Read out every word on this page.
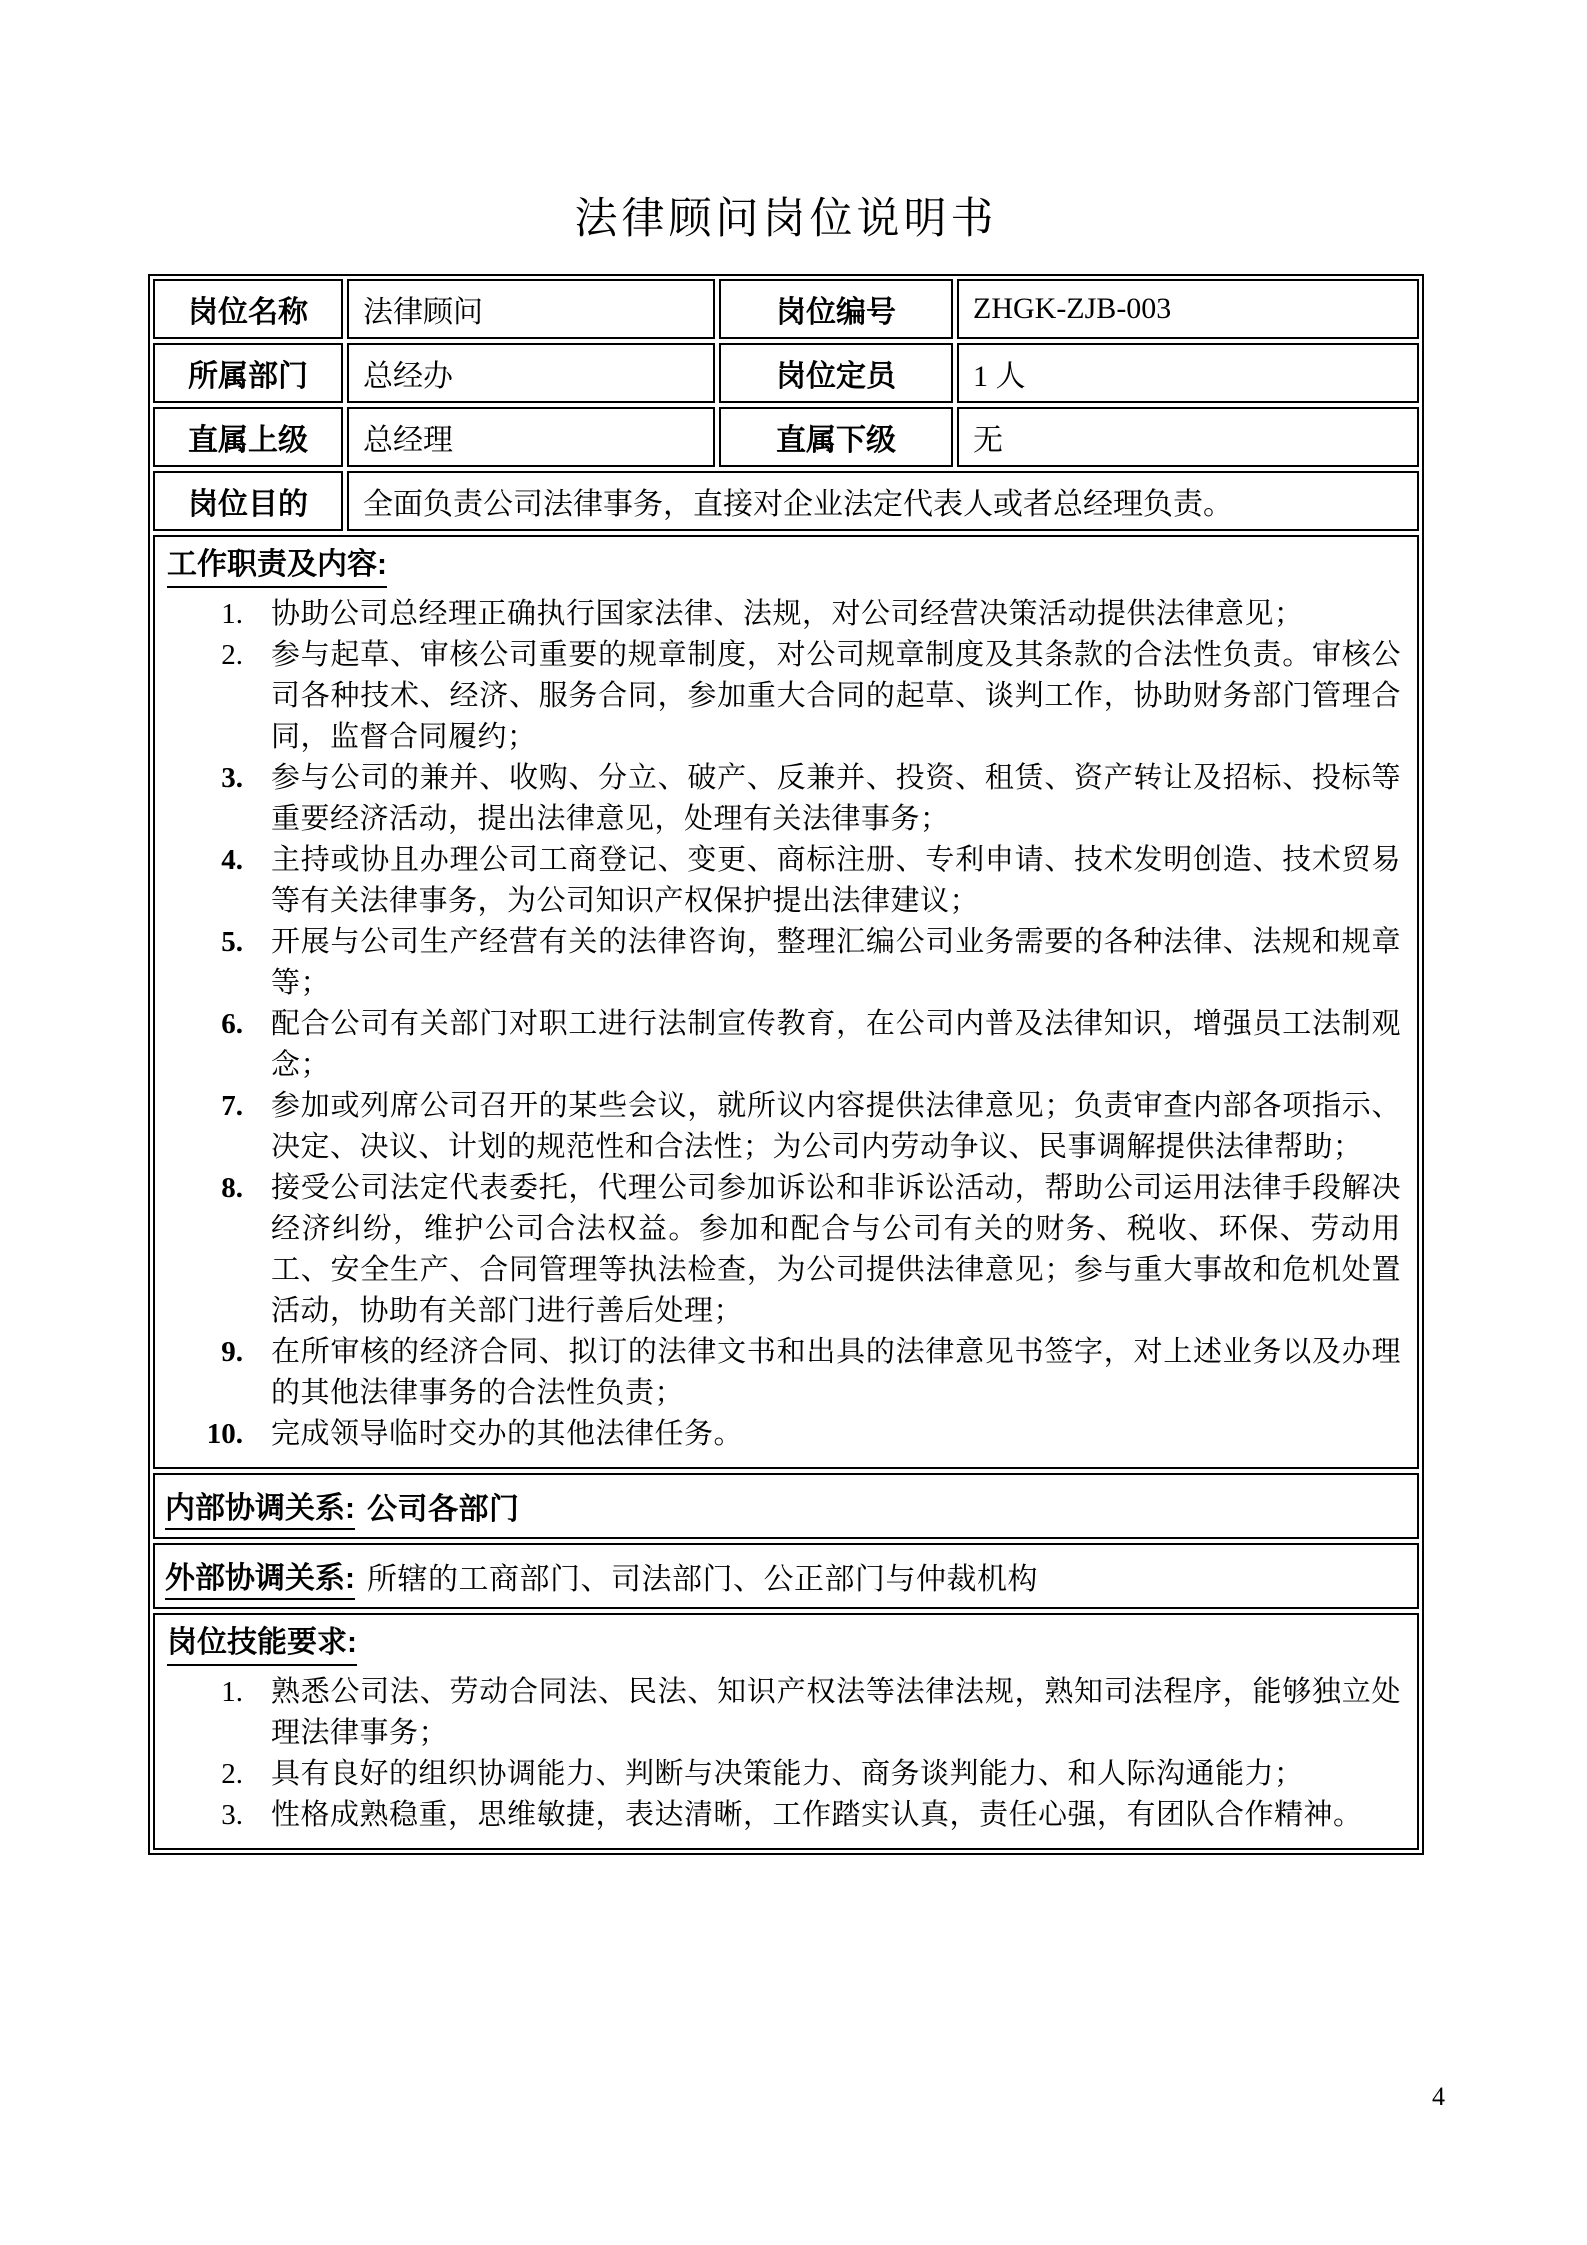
法律顾问岗位说明书
岗位名称	法律顾问	岗位编号	ZHGK-ZJB-003
所属部门	总经办	岗位定员	1 人
直属上级	总经理	直属下级	无
岗位目的	全面负责公司法律事务，直接对企业法定代表人或者总经理负责。
工作职责及内容:
1. 协助公司总经理正确执行国家法律、法规，对公司经营决策活动提供法律意见；
2. 参与起草、审核公司重要的规章制度，对公司规章制度及其条款的合法性负责。审核公司各种技术、经济、服务合同，参加重大合同的起草、谈判工作，协助财务部门管理合同，监督合同履约；
3. 参与公司的兼并、收购、分立、破产、反兼并、投资、租赁、资产转让及招标、投标等重要经济活动，提出法律意见，处理有关法律事务；
4. 主持或协且办理公司工商登记、变更、商标注册、专利申请、技术发明创造、技术贸易等有关法律事务，为公司知识产权保护提出法律建议；
5. 开展与公司生产经营有关的法律咨询，整理汇编公司业务需要的各种法律、法规和规章等；
6. 配合公司有关部门对职工进行法制宣传教育，在公司内普及法律知识，增强员工法制观念；
7. 参加或列席公司召开的某些会议，就所议内容提供法律意见；负责审查内部各项指示、决定、决议、计划的规范性和合法性；为公司内劳动争议、民事调解提供法律帮助；
8. 接受公司法定代表委托，代理公司参加诉讼和非诉讼活动，帮助公司运用法律手段解决经济纠纷，维护公司合法权益。参加和配合与公司有关的财务、税收、环保、劳动用工、安全生产、合同管理等执法检查，为公司提供法律意见；参与重大事故和危机处置活动，协助有关部门进行善后处理；
9. 在所审核的经济合同、拟订的法律文书和出具的法律意见书签字，对上述业务以及办理的其他法律事务的合法性负责；
10. 完成领导临时交办的其他法律任务。
内部协调关系: 公司各部门
外部协调关系: 所辖的工商部门、司法部门、公正部门与仲裁机构
岗位技能要求:
1. 熟悉公司法、劳动合同法、民法、知识产权法等法律法规，熟知司法程序，能够独立处理法律事务；
2. 具有良好的组织协调能力、判断与决策能力、商务谈判能力、和人际沟通能力；
3. 性格成熟稳重，思维敏捷，表达清晰，工作踏实认真，责任心强，有团队合作精神。
4
